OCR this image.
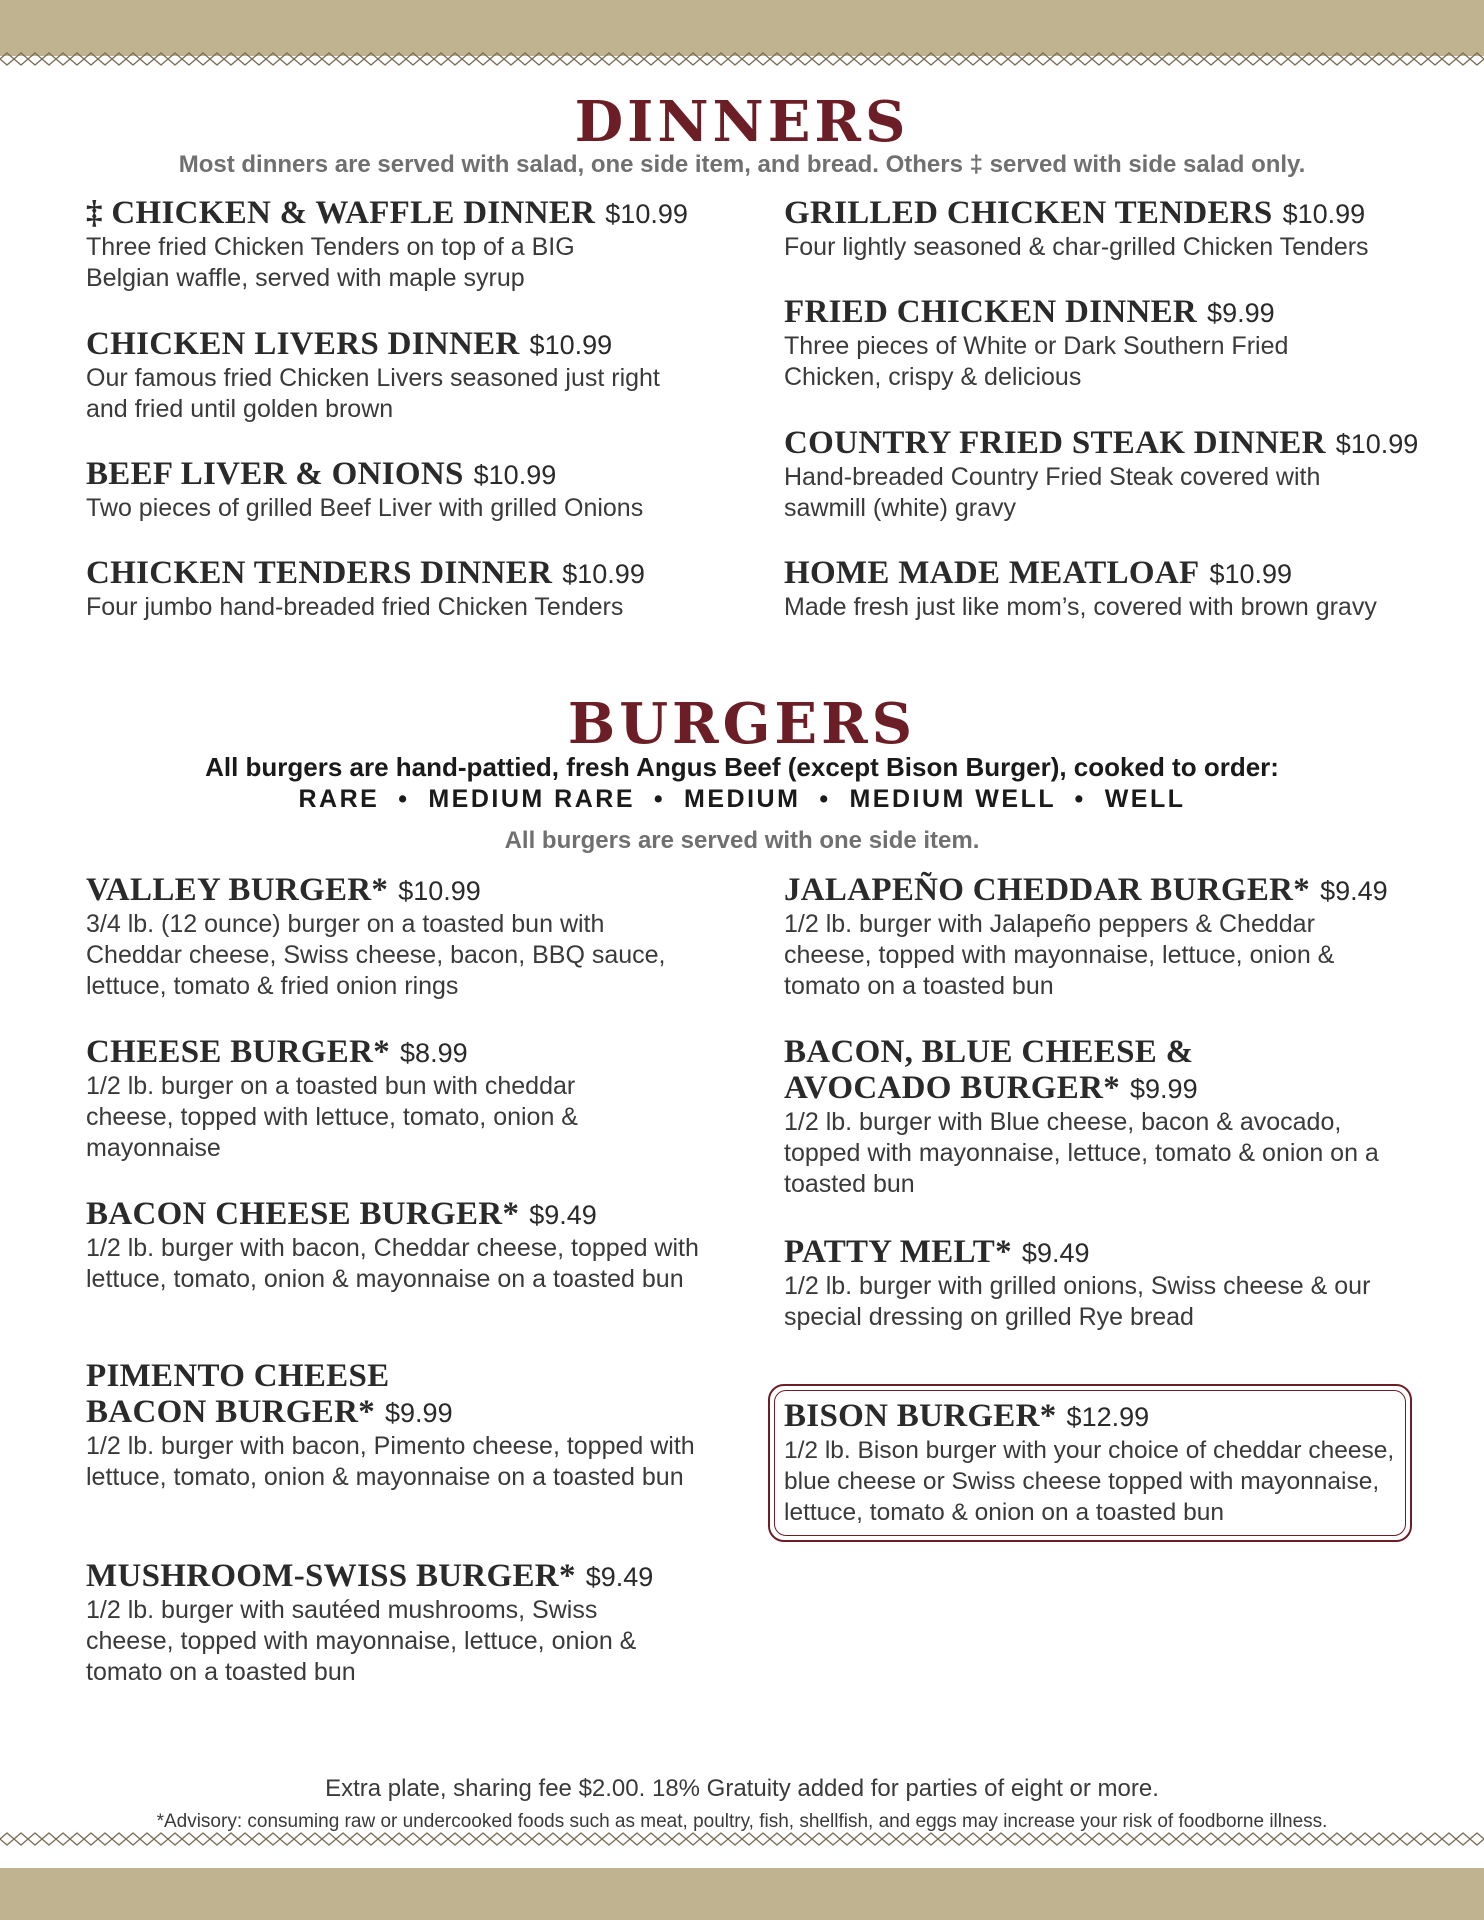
DINNERS

Most dinners are served with salad, one side item, and bread. Others ‡ served with side salad only.

‡ CHICKEN & WAFFLE DINNER $10.99
Three fried Chicken Tenders on top of a BIG Belgian waffle, served with maple syrup
CHICKEN LIVERS DINNER $10.99
Our famous fried Chicken Livers seasoned just right and fried until golden brown
BEEF LIVER & ONIONS $10.99
Two pieces of grilled Beef Liver with grilled Onions
CHICKEN TENDERS DINNER $10.99
Four jumbo hand-breaded fried Chicken Tenders
GRILLED CHICKEN TENDERS $10.99
Four lightly seasoned & char-grilled Chicken Tenders
FRIED CHICKEN DINNER $9.99
Three pieces of White or Dark Southern Fried Chicken, crispy & delicious
COUNTRY FRIED STEAK DINNER $10.99
Hand-breaded Country Fried Steak covered with sawmill (white) gravy
HOME MADE MEATLOAF $10.99
Made fresh just like mom’s, covered with brown gravy
BURGERS

All burgers are hand-pattied, fresh Angus Beef (except Bison Burger), cooked to order:

RARE  •  MEDIUM RARE  •  MEDIUM  •  MEDIUM WELL  •  WELL

All burgers are served with one side item.

VALLEY BURGER* $10.99
3/4 lb. (12 ounce) burger on a toasted bun with Cheddar cheese, Swiss cheese, bacon, BBQ sauce, lettuce, tomato & fried onion rings
CHEESE BURGER* $8.99
1/2 lb. burger on a toasted bun with cheddar cheese, topped with lettuce, tomato, onion & mayonnaise
BACON CHEESE BURGER* $9.49
1/2 lb. burger with bacon, Cheddar cheese, topped with lettuce, tomato, onion & mayonnaise on a toasted bun
PIMENTO CHEESE BACON BURGER* $9.99
1/2 lb. burger with bacon, Pimento cheese, topped with lettuce, tomato, onion & mayonnaise on a toasted bun
MUSHROOM-SWISS BURGER* $9.49
1/2 lb. burger with sautéed mushrooms, Swiss cheese, topped with mayonnaise, lettuce, onion & tomato on a toasted bun
JALAPEÑO CHEDDAR BURGER* $9.49
1/2 lb. burger with Jalapeño peppers & Cheddar cheese, topped with mayonnaise, lettuce, onion & tomato on a toasted bun
BACON, BLUE CHEESE & AVOCADO BURGER* $9.99
1/2 lb. burger with Blue cheese, bacon & avocado, topped with mayonnaise, lettuce, tomato & onion on a toasted bun
PATTY MELT* $9.49
1/2 lb. burger with grilled onions, Swiss cheese & our special dressing on grilled Rye bread
BISON BURGER* $12.99
1/2 lb. Bison burger with your choice of cheddar cheese, blue cheese or Swiss cheese topped with mayonnaise, lettuce, tomato & onion on a toasted bun
Extra plate, sharing fee $2.00. 18% Gratuity added for parties of eight or more.
*Advisory: consuming raw or undercooked foods such as meat, poultry, fish, shellfish, and eggs may increase your risk of foodborne illness.
